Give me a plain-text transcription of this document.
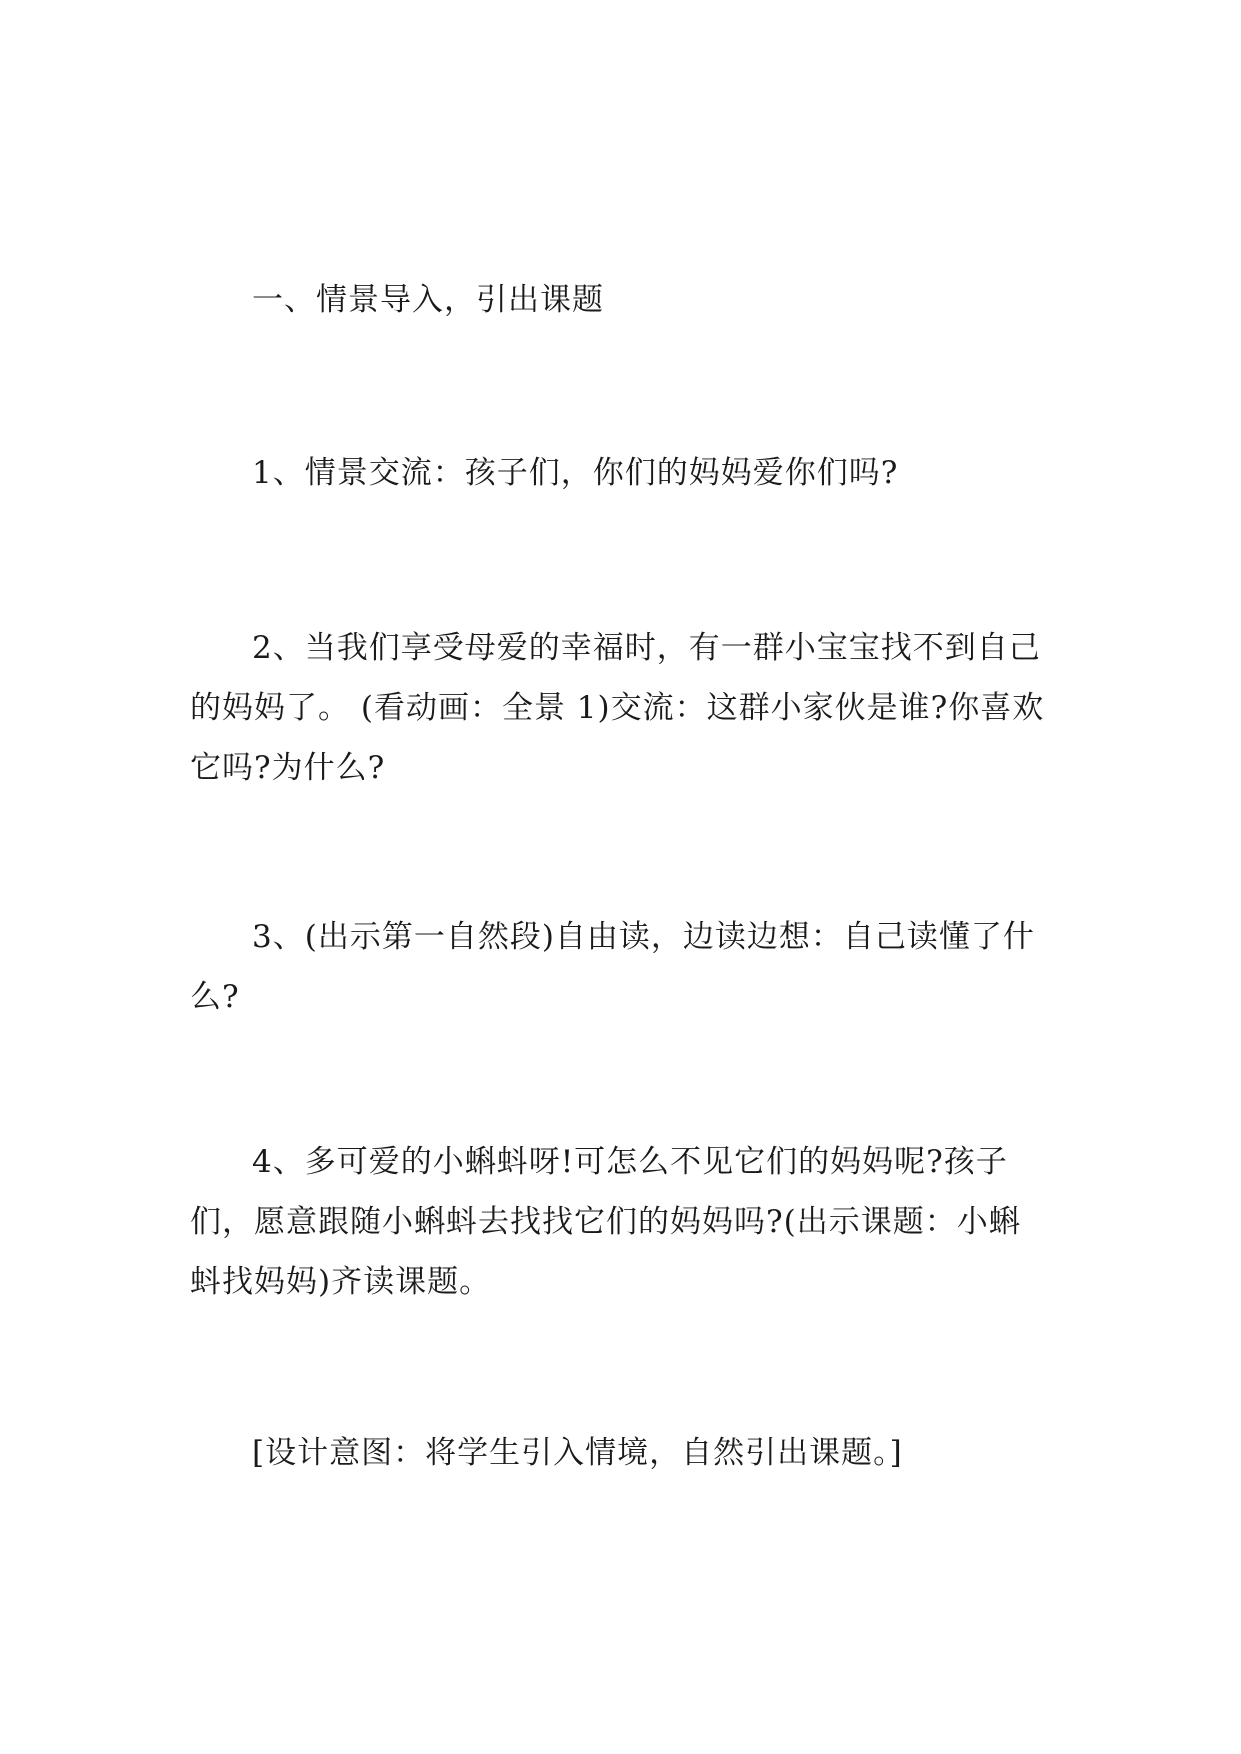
一、情景导入，引出课题

1、情景交流：孩子们，你们的妈妈爱你们吗?

2、当我们享受母爱的幸福时，有一群小宝宝找不到自己的妈妈了。 (看动画：全景 1)交流：这群小家伙是谁?你喜欢它吗?为什么?

3、(出示第一自然段)自由读，边读边想：自己读懂了什么?

4、多可爱的小蝌蚪呀!可怎么不见它们的妈妈呢?孩子们，愿意跟随小蝌蚪去找找它们的妈妈吗?(出示课题：小蝌蚪找妈妈)齐读课题。

[设计意图：将学生引入情境，自然引出课题。]
